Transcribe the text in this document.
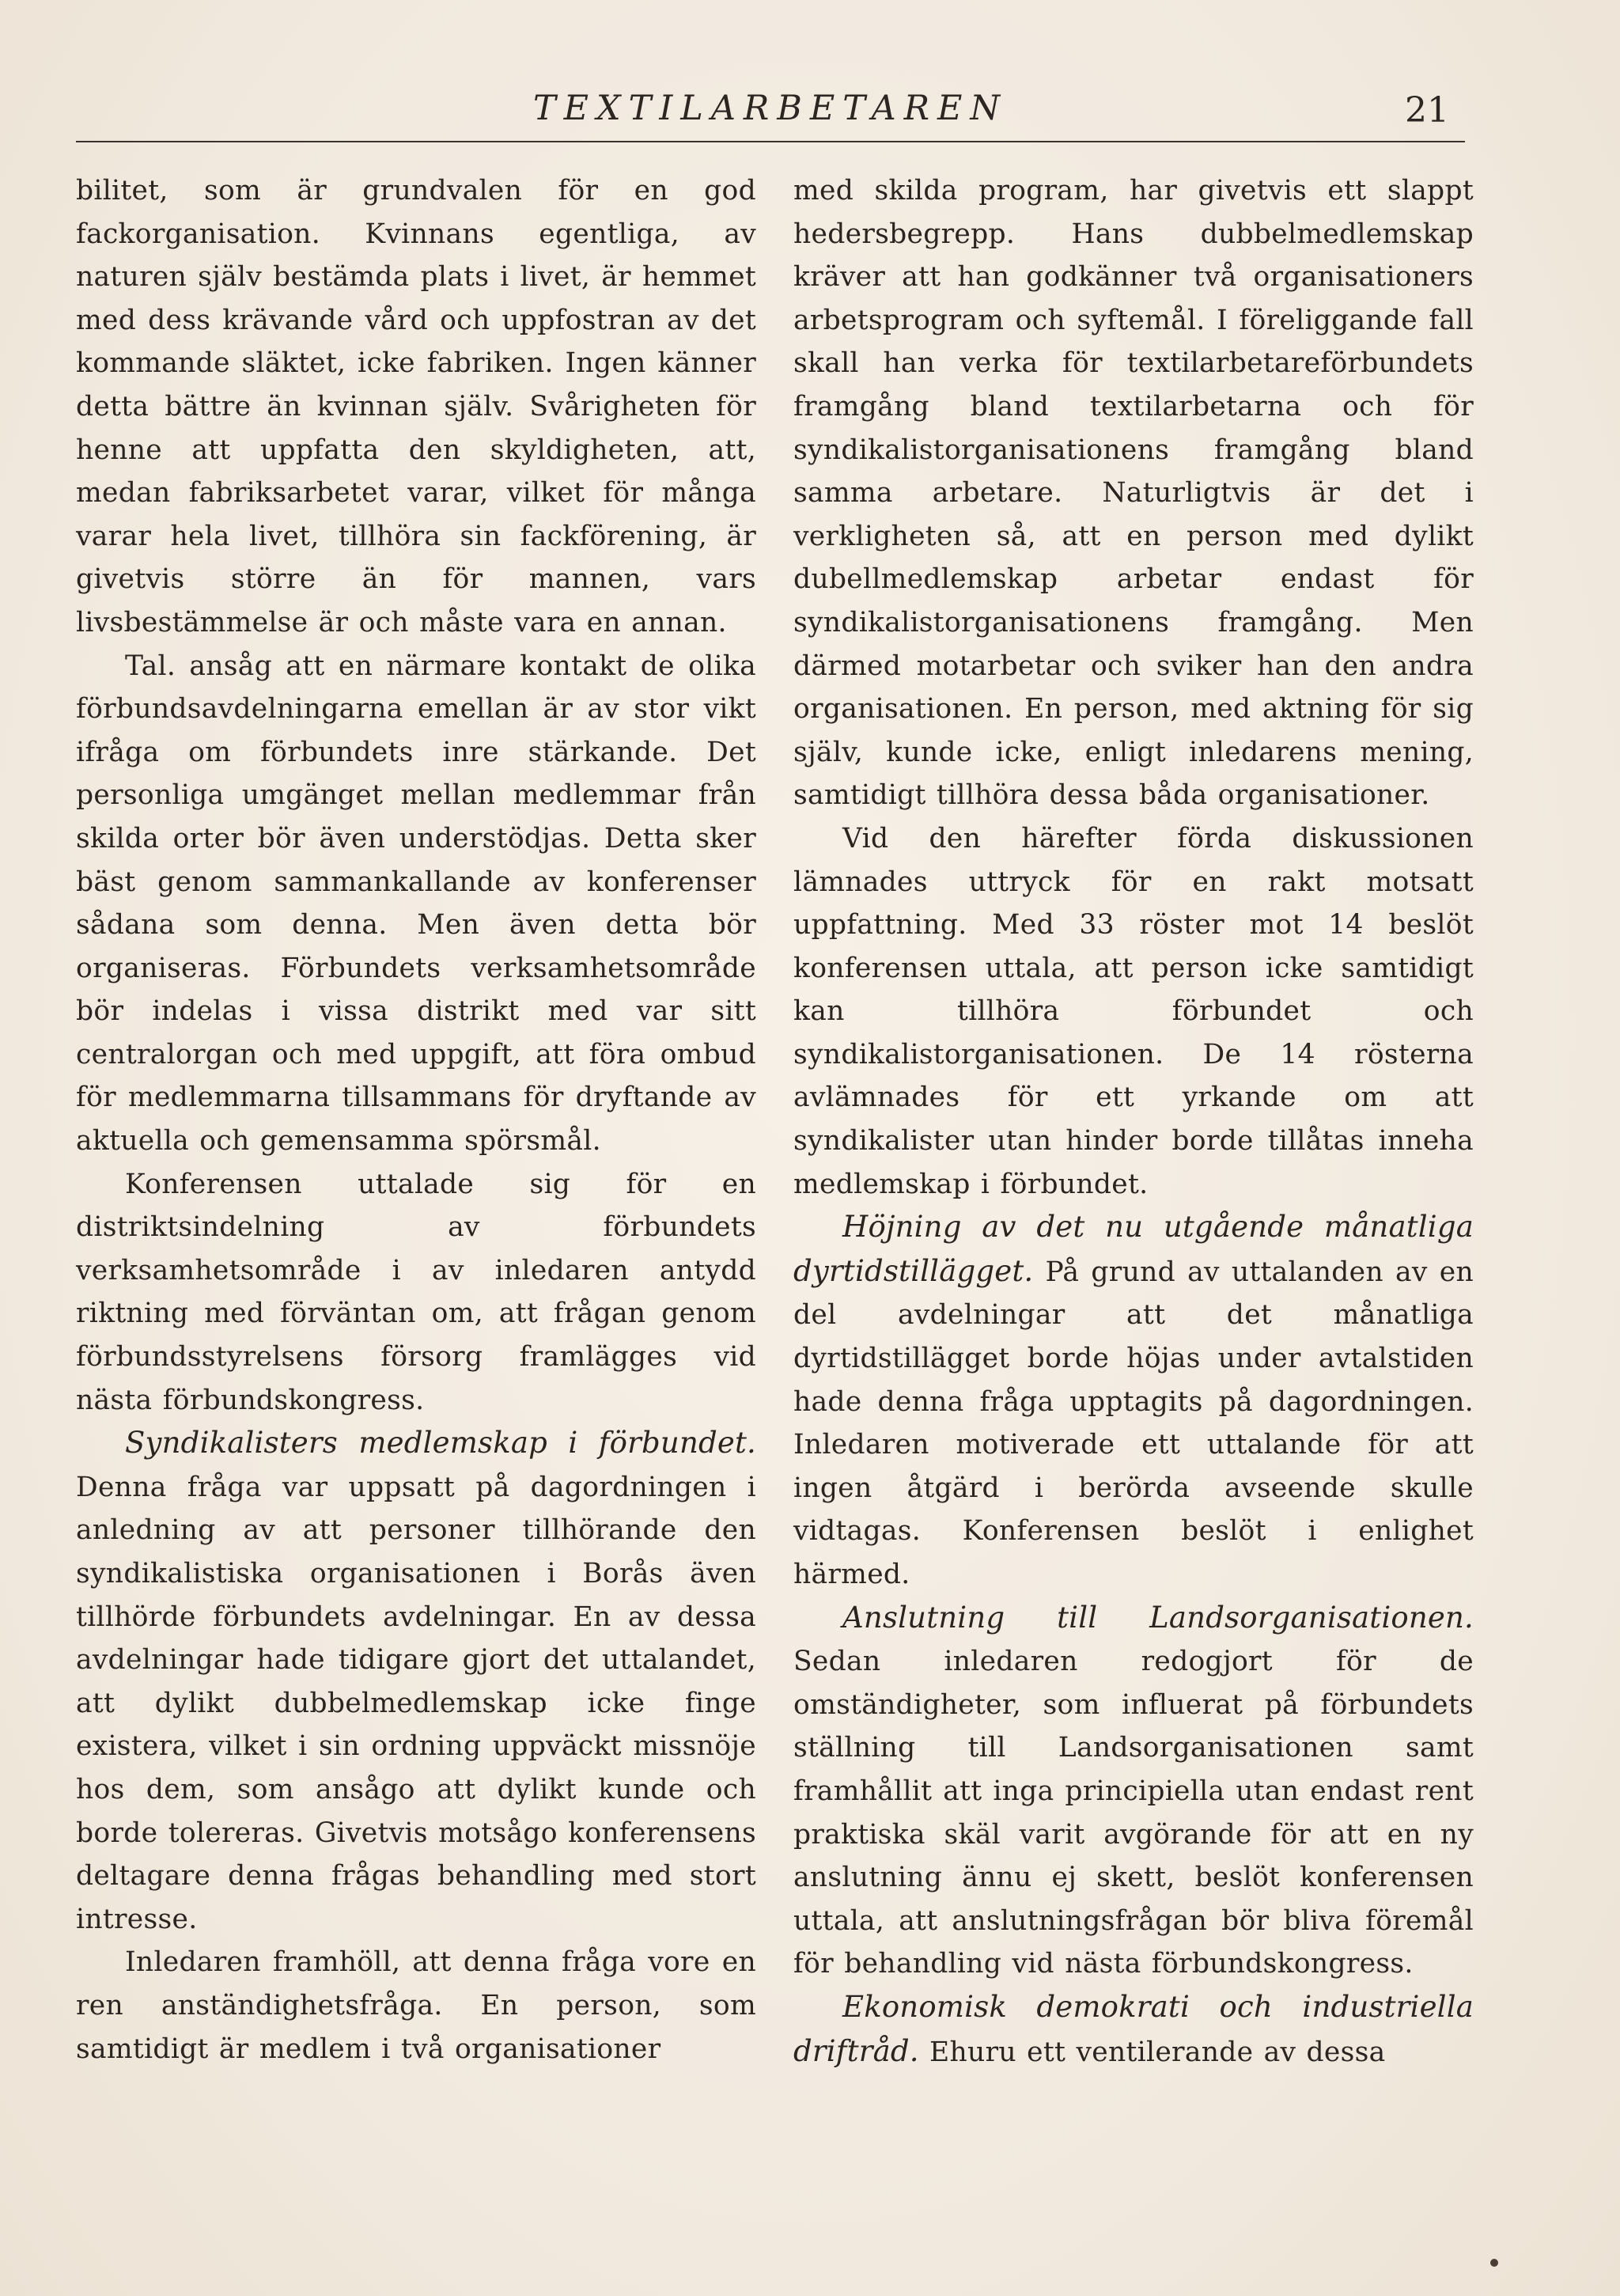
TEXTILARBETAREN	21

bilitet, som är grundvalen för en god fackorganisation. Kvinnans egentliga, av naturen själv bestämda plats i livet, är hemmet med dess krävande vård och uppfostran av det kommande släktet, icke fabriken. Ingen känner detta bättre än kvinnan själv. Svårigheten för henne att uppfatta den skyldigheten, att, medan fabriksarbetet varar, vilket för många varar hela livet, tillhöra sin fackförening, är givetvis större än för mannen, vars livsbestämmelse är och måste vara en annan.

Tal. ansåg att en närmare kontakt de olika förbundsavdelningarna emellan är av stor vikt ifråga om förbundets inre stärkande. Det personliga umgänget mellan medlemmar från skilda orter bör även understödjas. Detta sker bäst genom sammankallande av konferenser sådana som denna. Men även detta bör organiseras. Förbundets verksamhetsområde bör indelas i vissa distrikt med var sitt centralorgan och med uppgift, att föra ombud för medlemmarna tillsammans för dryftande av aktuella och gemensamma spörsmål.

Konferensen uttalade sig för en distriktsindelning av förbundets verksamhetsområde i av inledaren antydd riktning med förväntan om, att frågan genom förbundsstyrelsens försorg framlägges vid nästa förbundskongress.

Syndikalisters medlemskap i förbundet. Denna fråga var uppsatt på dagordningen i anledning av att personer tillhörande den syndikalistiska organisationen i Borås även tillhörde förbundets avdelningar. En av dessa avdelningar hade tidigare gjort det uttalandet, att dylikt dubbelmedlemskap icke finge existera, vilket i sin ordning uppväckt missnöje hos dem, som ansågo att dylikt kunde och borde tolereras. Givetvis motsågo konferensens deltagare denna frågas behandling med stort intresse.

Inledaren framhöll, att denna fråga vore en ren anständighetsfråga. En person, som samtidigt är medlem i två organisationer

med skilda program, har givetvis ett slappt hedersbegrepp. Hans dubbelmedlemskap kräver att han godkänner två organisationers arbetsprogram och syftemål. I föreliggande fall skall han verka för textilarbetareförbundets framgång bland textilarbetarna och för syndikalistorganisationens framgång bland samma arbetare. Naturligtvis är det i verkligheten så, att en person med dylikt dubellmedlemskap arbetar endast för syndikalistorganisationens framgång. Men därmed motarbetar och sviker han den andra organisationen. En person, med aktning för sig själv, kunde icke, enligt inledarens mening, samtidigt tillhöra dessa båda organisationer.

Vid den härefter förda diskussionen lämnades uttryck för en rakt motsatt uppfattning. Med 33 röster mot 14 beslöt konferensen uttala, att person icke samtidigt kan tillhöra förbundet och syndikalistorganisationen. De 14 rösterna avlämnades för ett yrkande om att syndikalister utan hinder borde tillåtas inneha medlemskap i förbundet.

Höjning av det nu utgående månatliga dyrtidstillägget. På grund av uttalanden av en del avdelningar att det månatliga dyrtidstillägget borde höjas under avtalstiden hade denna fråga upptagits på dagordningen. Inledaren motiverade ett uttalande för att ingen åtgärd i berörda avseende skulle vidtagas. Konferensen beslöt i enlighet härmed.

Anslutning till Landsorganisationen. Sedan inledaren redogjort för de omständigheter, som influerat på förbundets ställning till Landsorganisationen samt framhållit att inga principiella utan endast rent praktiska skäl varit avgörande för att en ny anslutning ännu ej skett, beslöt konferensen uttala, att anslutningsfrågan bör bliva föremål för behandling vid nästa förbundskongress.

Ekonomisk demokrati och industriella driftråd. Ehuru ett ventilerande av dessa
